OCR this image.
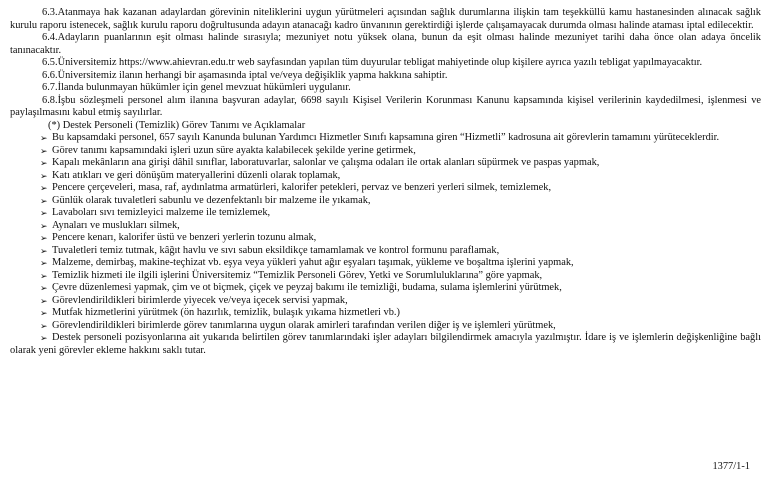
6.3.Atanmaya hak kazanan adaylardan görevinin niteliklerini uygun yürütmeleri açısından sağlık durumlarına ilişkin tam teşekküllü kamu hastanesinden alınacak sağlık kurulu raporu istenecek, sağlık kurulu raporu doğrultusunda adayın atanacağı kadro ünvanının gerektirdiği işlerde çalışamayacak durumda olması halinde ataması iptal edilecektir.

6.4.Adayların puanlarının eşit olması halinde sırasıyla; mezuniyet notu yüksek olana, bunun da eşit olması halinde mezuniyet tarihi daha önce olan adaya öncelik tanınacaktır.

6.5.Üniversitemiz https://www.ahievran.edu.tr web sayfasından yapılan tüm duyurular tebligat mahiyetinde olup kişilere ayrıca yazılı tebligat yapılmayacaktır.

6.6.Üniversitemiz ilanın herhangi bir aşamasında iptal ve/veya değişiklik yapma hakkına sahiptir.

6.7.İlanda bulunmayan hükümler için genel mevzuat hükümleri uygulanır.

6.8.İşbu sözleşmeli personel alım ilanına başvuran adaylar, 6698 sayılı Kişisel Verilerin Korunması Kanunu kapsamında kişisel verilerinin kaydedilmesi, işlenmesi ve paylaşılmasını kabul etmiş sayılırlar.

(*) Destek Personeli (Temizlik) Görev Tanımı ve Açıklamalar

➢ Bu kapsamdaki personel, 657 sayılı Kanunda bulunan Yardımcı Hizmetler Sınıfı kapsamına giren “Hizmetli” kadrosuna ait görevlerin tamamını yürüteceklerdir.

➢ Görev tanımı kapsamındaki işleri uzun süre ayakta kalabilecek şekilde yerine getirmek,

➢ Kapalı mekânların ana girişi dâhil sınıflar, laboratuvarlar, salonlar ve çalışma odaları ile ortak alanları süpürmek ve paspas yapmak,

➢ Katı atıkları ve geri dönüşüm materyallerini düzenli olarak toplamak,

➢ Pencere çerçeveleri, masa, raf, aydınlatma armatürleri, kalorifer petekleri, pervaz ve benzeri yerleri silmek, temizlemek,

➢ Günlük olarak tuvaletleri sabunlu ve dezenfektanlı bir malzeme ile yıkamak,

➢ Lavaboları sıvı temizleyici malzeme ile temizlemek,

➢ Aynaları ve muslukları silmek,

➢ Pencere kenarı, kalorifer üstü ve benzeri yerlerin tozunu almak,

➢ Tuvaletleri temiz tutmak, kâğıt havlu ve sıvı sabun eksildikçe tamamlamak ve kontrol formunu paraflamak,

➢ Malzeme, demirbaş, makine-teçhizat vb. eşya veya yükleri yahut ağır eşyaları taşımak, yükleme ve boşaltma işlerini yapmak,

➢ Temizlik hizmeti ile ilgili işlerini Üniversitemiz “Temizlik Personeli Görev, Yetki ve Sorumluluklarına” göre yapmak,

➢ Çevre düzenlemesi yapmak, çim ve ot biçmek, çiçek ve peyzaj bakımı ile temizliği, budama, sulama işlemlerini yürütmek,

➢ Görevlendirildikleri birimlerde yiyecek ve/veya içecek servisi yapmak,

➢ Mutfak hizmetlerini yürütmek (ön hazırlık, temizlik, bulaşık yıkama hizmetleri vb.)

➢ Görevlendirildikleri birimlerde görev tanımlarına uygun olarak amirleri tarafından verilen diğer iş ve işlemleri yürütmek,

➢ Destek personeli pozisyonlarına ait yukarıda belirtilen görev tanımlarındaki işler adayları bilgilendirmek amacıyla yazılmıştır. İdare iş ve işlemlerin değişkenliğine bağlı olarak yeni görevler ekleme hakkını saklı tutar.

1377/1-1
